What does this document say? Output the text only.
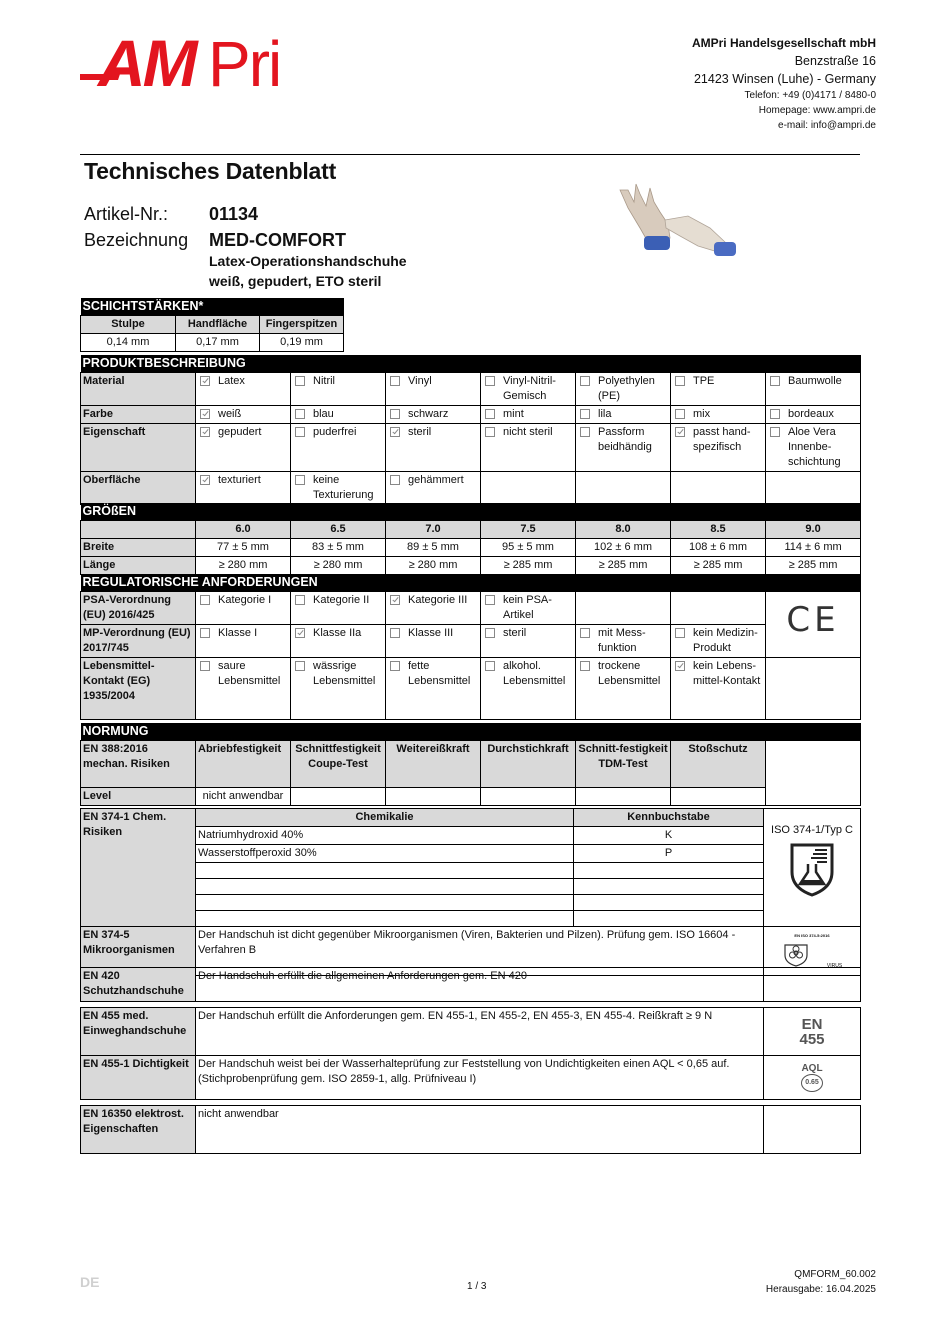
AM Pri	AMPri Handelsgesellschaft mbH
Benzstraße 16
21423 Winsen (Luhe) - Germany
Telefon: +49 (0)4171 / 8480-0
Homepage: www.ampri.de
e-mail: info@ampri.de
Technisches Datenblatt
Artikel-Nr.: 01134
Bezeichnung MED-COMFORT
Latex-Operationshandschuhe
weiß, gepudert, ETO steril
SCHICHTSTÄRKEN*		
Stulpe	Handfläche	Fingerspitzen
0,14 mm	0,17 mm	0,19 mm
PRODUKTBESCHREIBUNG							
Material	Latex	Nitril	Vinyl	Vinyl-Nitril-Gemisch	Polyethylen (PE)	TPE	Baumwolle

Farbe	weiß	blau	schwarz	mint	lila	mix	bordeaux

Eigenschaft	gepudert	puderfrei	steril	nicht steril	Passform beidhändig	passt hand-spezifisch	Aloe Vera Innenbe-schichtung

Oberfläche	texturiert	keine Texturierung	gehämmert				

GRÖßEN							
	6.0	6.5	7.0	7.5	8.0	8.5	9.0
Breite	77 ± 5 mm	83 ± 5 mm	89 ± 5 mm	95 ± 5 mm	102 ± 6 mm	108 ± 6 mm	114 ± 6 mm
Länge	≥ 280 mm	≥ 280 mm	≥ 280 mm	≥ 285 mm	≥ 285 mm	≥ 285 mm	≥ 285 mm
REGULATORISCHE ANFORDERUNGEN							
PSA-Verordnung (EU) 2016/425	Kategorie I	Kategorie II	Kategorie III	kein PSA-Artikel			CE
MP-Verordnung (EU) 2017/745	Klasse I	Klasse IIa	Klasse III	steril	mit Mess-funktion	kein Medizin-Produkt	

Lebensmittel-Kontakt (EG) 1935/2004	saure Lebensmittel	wässrige Lebensmittel	fette Lebensmittel	alkohol. Lebensmittel	trockene Lebensmittel	kein Lebens-mittel-Kontakt	

NORMUNG							
EN 388:2016 mechan. Risiken	Abriebfestigkeit	Schnittfestigkeit Coupe-Test	Weitereißkraft	Durchstichkraft	Schnitt-festigkeit TDM-Test	Stoßschutz	
Level	nicht anwendbar						
EN 374-1 Chem. Risiken	Chemikalie	Kennbuchstabe	ISO 374-1/Typ C

	Natriumhydroxid 40%	K	
	Wasserstoffperoxid 30%	P	

EN 374-5 Mikroorganismen	Der Handschuh ist dicht gegenüber Mikroorganismen (Viren, Bakterien und Pilzen). Prüfung gem. ISO 16604 - Verfahren B		EN ISO 374-5:2016
VIRUS
EN 420 Schutzhandschuhe	Der Handschuh erfüllt die allgemeinen Anforderungen gem. EN 420	
EN 455 med. Einweghandschuhe	Der Handschuh erfüllt die Anforderungen gem. EN 455-1, EN 455-2, EN 455-3, EN 455-4. Reißkraft ≥ 9 N	EN
455

EN 455-1 Dichtigkeit	Der Handschuh weist bei der Wasserhalteprüfung zur Feststellung von Undichtigkeiten einen AQL < 0,65 auf. (Stichprobenprüfung gem. ISO 2859-1, allg. Prüfniveau I)	AQL
0.65
EN 16350 elektrost. Eigenschaften	nicht anwendbar	
DE	1 / 3
QMFORM_60.002
Herausgabe: 16.04.2025
